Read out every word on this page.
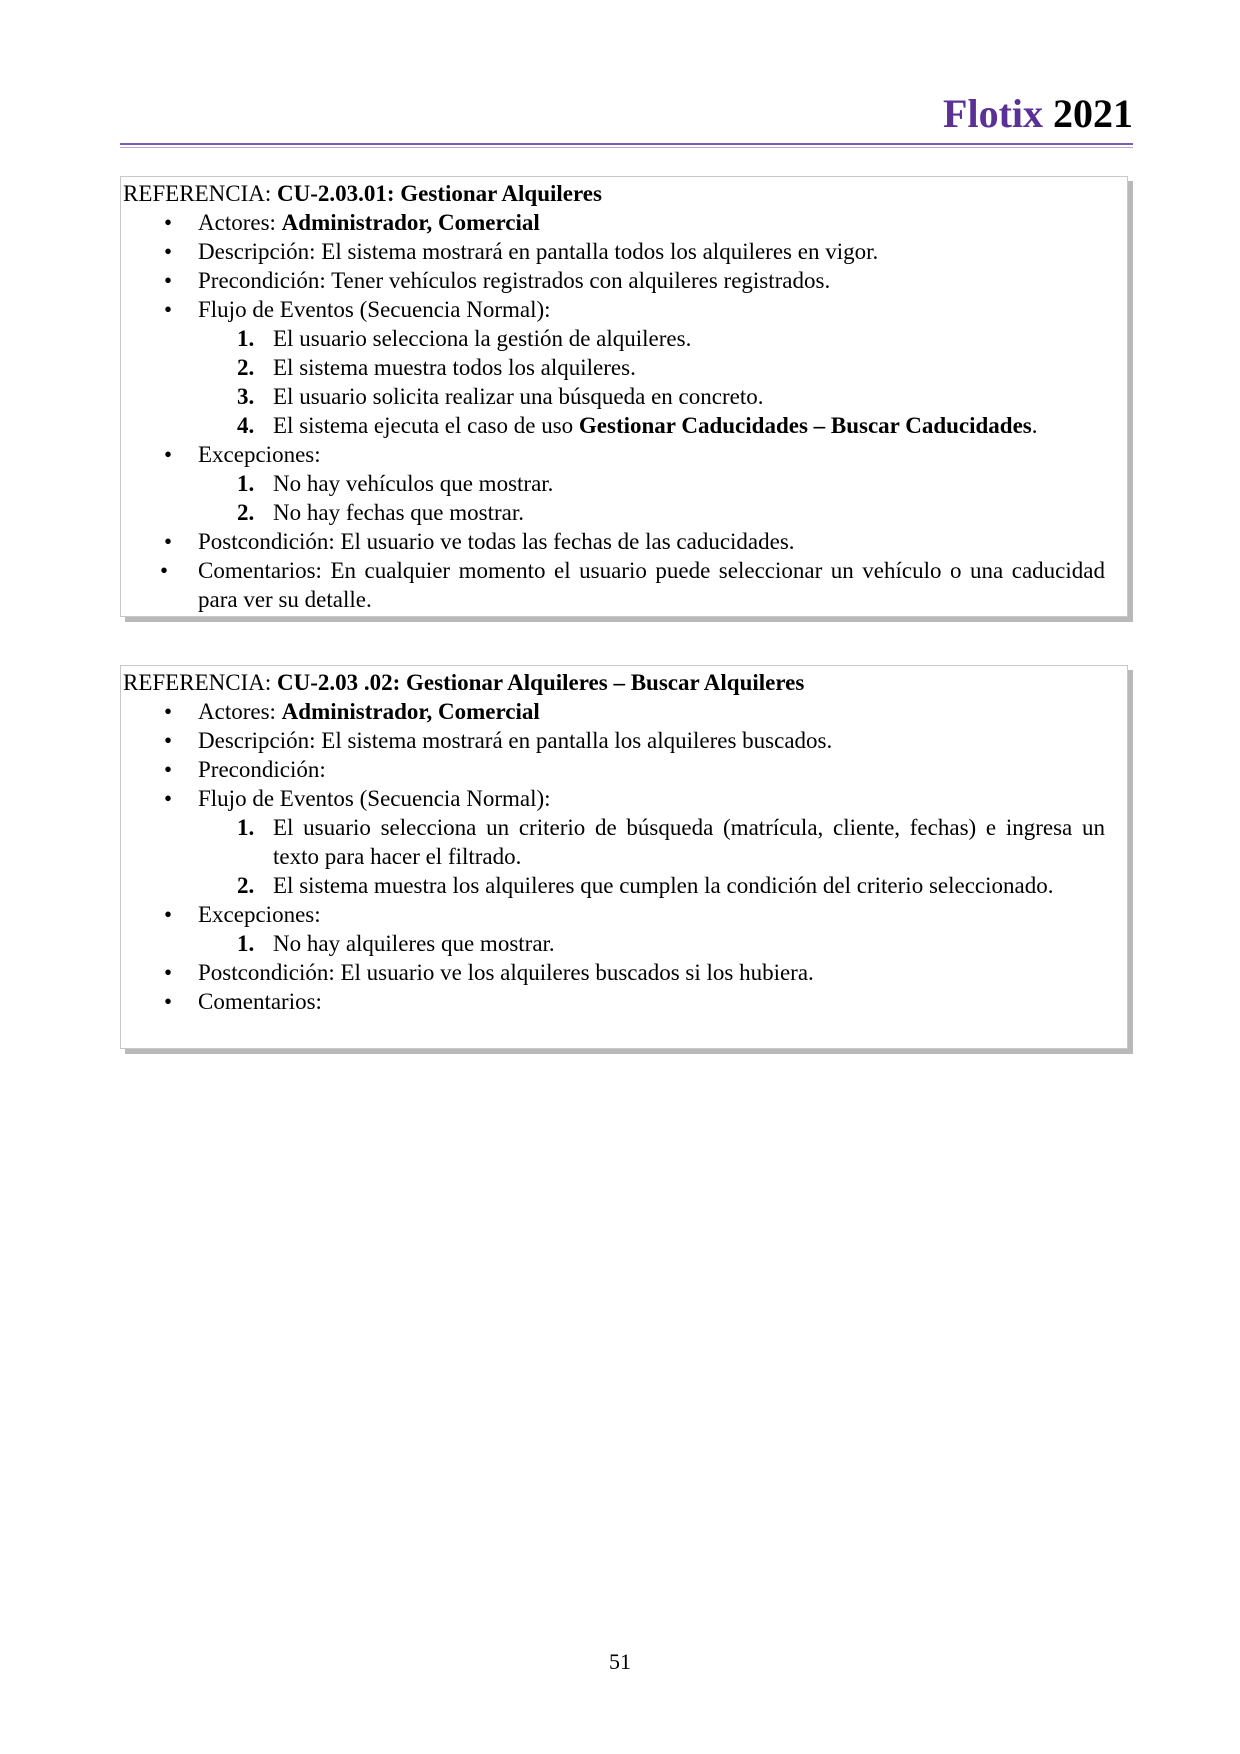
Flotix 2021

REFERENCIA: CU-2.03.01: Gestionar Alquileres

• Actores: Administrador, Comercial
• Descripción: El sistema mostrará en pantalla todos los alquileres en vigor.
• Precondición: Tener vehículos registrados con alquileres registrados.
• Flujo de Eventos (Secuencia Normal):
1. El usuario selecciona la gestión de alquileres.
2. El sistema muestra todos los alquileres.
3. El usuario solicita realizar una búsqueda en concreto.
4. El sistema ejecuta el caso de uso Gestionar Caducidades – Buscar Caducidades.
• Excepciones:
1. No hay vehículos que mostrar.
2. No hay fechas que mostrar.
• Postcondición: El usuario ve todas las fechas de las caducidades.
•	Comentarios: En cualquier momento el usuario puede seleccionar un vehículo o una caducidad para ver su detalle.

REFERENCIA: CU-2.03 .02: Gestionar Alquileres – Buscar Alquileres

• Actores: Administrador, Comercial
• Descripción: El sistema mostrará en pantalla los alquileres buscados.
• Precondición:
• Flujo de Eventos (Secuencia Normal):
1. El usuario selecciona un criterio de búsqueda (matrícula, cliente, fechas) e ingresa un texto para hacer el filtrado.
2. El sistema muestra los alquileres que cumplen la condición del criterio seleccionado.
• Excepciones:
1. No hay alquileres que mostrar.
• Postcondición: El usuario ve los alquileres buscados si los hubiera.
• Comentarios:
51
